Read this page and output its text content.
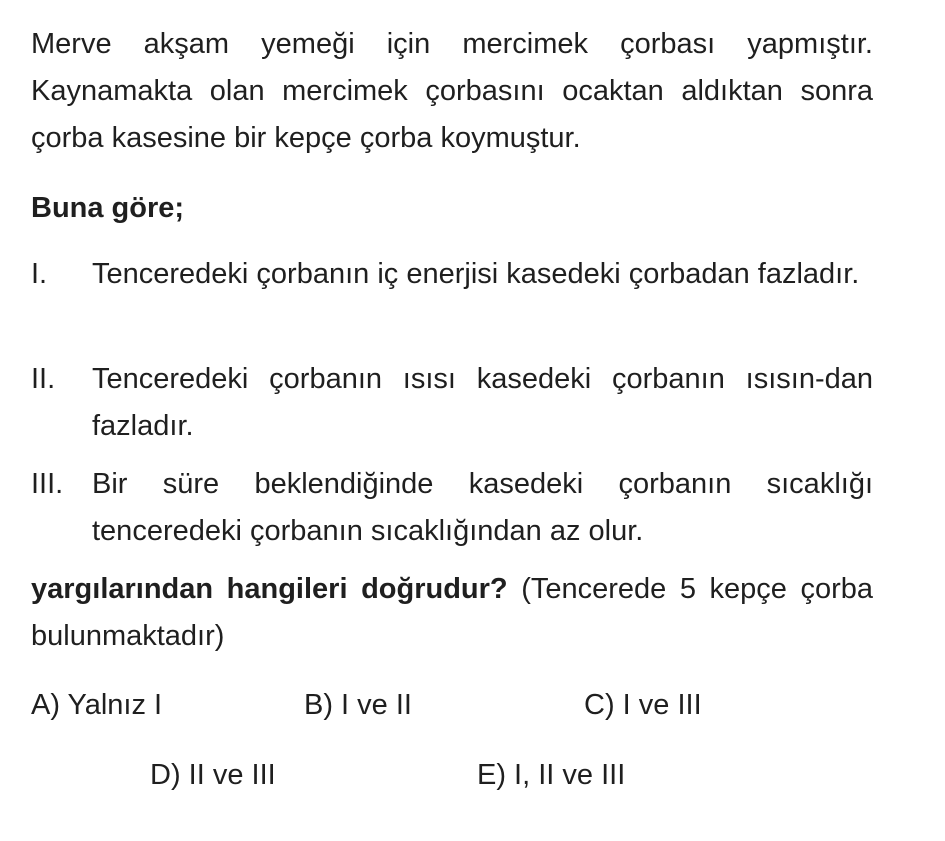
Merve akşam yemeği için mercimek çorbası yapmıştır. Kaynamakta olan mercimek çorbasını ocaktan aldıktan sonra çorba kasesine bir kepçe çorba koymuştur.
Buna göre;
I. Tenceredeki çorbanın iç enerjisi kasedeki çorbadan fazladır.
II. Tenceredeki çorbanın ısısı kasedeki çorbanın ısısın-dan fazladır.
III. Bir süre beklendiğinde kasedeki çorbanın sıcaklığı tenceredeki çorbanın sıcaklığından az olur.
yargılarından hangileri doğrudur? (Tencerede 5 kepçe çorba bulunmaktadır)
A) Yalnız I	B) I ve II	C) I ve III
D) II ve III	E) I, II ve III
